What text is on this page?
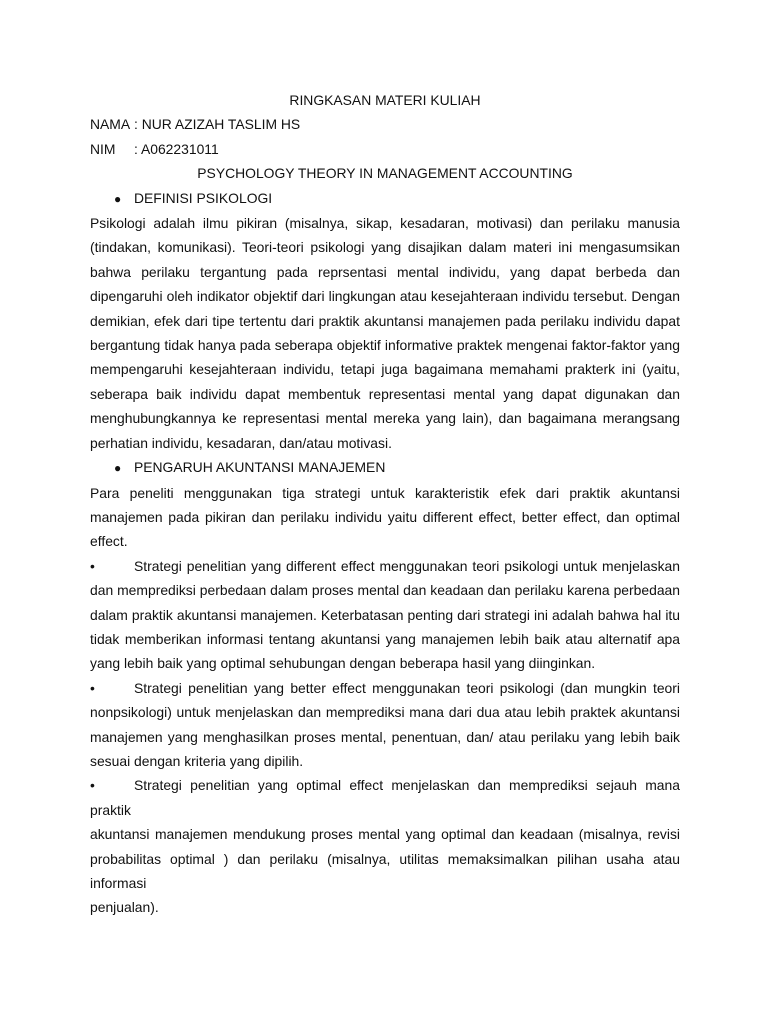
RINGKASAN MATERI KULIAH

NAMA : NUR AZIZAH TASLIM HS

NIM	: A062231011

PSYCHOLOGY THEORY IN MANAGEMENT ACCOUNTING

● DEFINISI PSIKOLOGI

Psikologi adalah ilmu pikiran (misalnya, sikap, kesadaran, motivasi) dan perilaku manusia
(tindakan, komunikasi). Teori-teori psikologi yang disajikan dalam materi ini mengasumsikan
bahwa perilaku tergantung pada reprsentasi mental individu, yang dapat berbeda dan
dipengaruhi oleh indikator objektif dari lingkungan atau kesejahteraan individu tersebut. Dengan
demikian, efek dari tipe tertentu dari praktik akuntansi manajemen pada perilaku individu dapat
bergantung tidak hanya pada seberapa objektif informative praktek mengenai faktor-faktor yang
mempengaruhi kesejahteraan individu, tetapi juga bagaimana memahami prakterk ini (yaitu,
seberapa baik individu dapat membentuk representasi mental yang dapat digunakan dan
menghubungkannya ke representasi mental mereka yang lain), dan bagaimana merangsang
perhatian individu, kesadaran, dan/atau motivasi.

● PENGARUH AKUNTANSI MANAJEMEN

Para peneliti menggunakan tiga strategi untuk karakteristik efek dari praktik akuntansi
manajemen pada pikiran dan perilaku individu yaitu different effect, better effect, dan optimal
effect.
•	Strategi penelitian yang different effect menggunakan teori psikologi untuk menjelaskan
dan memprediksi perbedaan dalam proses mental dan keadaan dan perilaku karena perbedaan
dalam praktik akuntansi manajemen. Keterbatasan penting dari strategi ini adalah bahwa hal itu
tidak memberikan informasi tentang akuntansi yang manajemen lebih baik atau alternatif apa
yang lebih baik yang optimal sehubungan dengan beberapa hasil yang diinginkan.
•	Strategi penelitian yang better effect menggunakan teori psikologi (dan mungkin teori
nonpsikologi) untuk menjelaskan dan memprediksi mana dari dua atau lebih praktek akuntansi
manajemen yang menghasilkan proses mental, penentuan, dan/ atau perilaku yang lebih baik
sesuai dengan kriteria yang dipilih.
•	Strategi penelitian yang optimal effect menjelaskan dan memprediksi sejauh mana praktik
akuntansi manajemen mendukung proses mental yang optimal dan keadaan (misalnya, revisi
probabilitas optimal ) dan perilaku (misalnya, utilitas memaksimalkan pilihan usaha atau informasi
penjualan).
